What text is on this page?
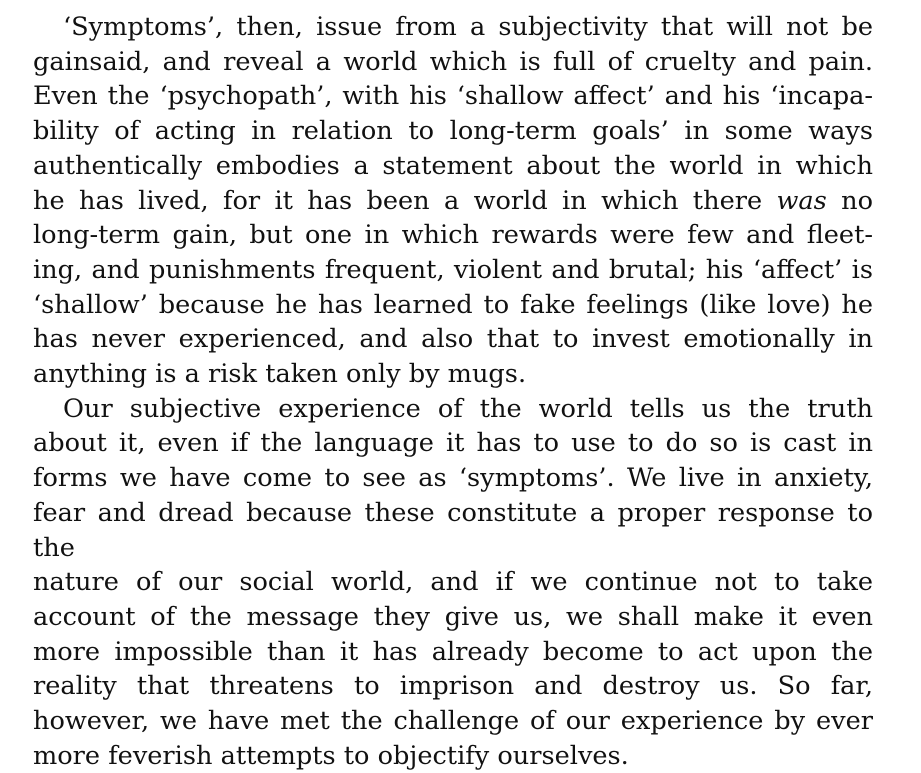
‘Symptoms’, then, issue from a subjectivity that will not be
gainsaid, and reveal a world which is full of cruelty and pain.
Even the ‘psychopath’, with his ‘shallow affect’ and his ‘incapa-
bility of acting in relation to long-term goals’ in some ways
authentically embodies a statement about the world in which
he has lived, for it has been a world in which there was no
long-term gain, but one in which rewards were few and fleet-
ing, and punishments frequent, violent and brutal; his ‘affect’ is
‘shallow’ because he has learned to fake feelings (like love) he
has never experienced, and also that to invest emotionally in
anything is a risk taken only by mugs.
Our subjective experience of the world tells us the truth
about it, even if the language it has to use to do so is cast in
forms we have come to see as ‘symptoms’. We live in anxiety,
fear and dread because these constitute a proper response to the
nature of our social world, and if we continue not to take
account of the message they give us, we shall make it even
more impossible than it has already become to act upon the
reality that threatens to imprison and destroy us. So far,
however, we have met the challenge of our experience by ever
more feverish attempts to objectify ourselves.
